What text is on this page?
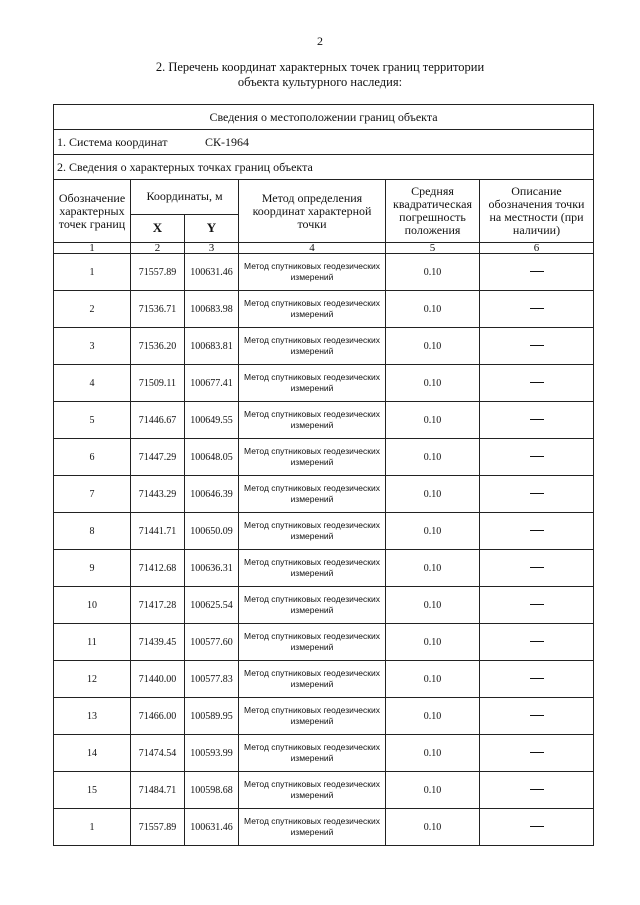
2
2. Перечень координат характерных точек границ территории
объекта культурного наследия:
Сведения о местоположении границ объекта					
1. Система координат СК-1964					
2. Сведения о характерных точках границ объекта					
Обозначение характерных точек границ	Координаты, м		Метод определения координат характерной точки	Средняя квадратическая погрешность положения	Описание обозначения точки на местности (при наличии)
	X	Y			
1	2	3	4	5	6
1	71557.89	100631.46	Метод спутниковых геодезических измерений	0.10	
2	71536.71	100683.98	Метод спутниковых геодезических измерений	0.10	
3	71536.20	100683.81	Метод спутниковых геодезических измерений	0.10	
4	71509.11	100677.41	Метод спутниковых геодезических измерений	0.10	
5	71446.67	100649.55	Метод спутниковых геодезических измерений	0.10	
6	71447.29	100648.05	Метод спутниковых геодезических измерений	0.10	
7	71443.29	100646.39	Метод спутниковых геодезических измерений	0.10	
8	71441.71	100650.09	Метод спутниковых геодезических измерений	0.10	
9	71412.68	100636.31	Метод спутниковых геодезических измерений	0.10	
10	71417.28	100625.54	Метод спутниковых геодезических измерений	0.10	
11	71439.45	100577.60	Метод спутниковых геодезических измерений	0.10	
12	71440.00	100577.83	Метод спутниковых геодезических измерений	0.10	
13	71466.00	100589.95	Метод спутниковых геодезических измерений	0.10	
14	71474.54	100593.99	Метод спутниковых геодезических измерений	0.10	
15	71484.71	100598.68	Метод спутниковых геодезических измерений	0.10	
1	71557.89	100631.46	Метод спутниковых геодезических измерений	0.10	
